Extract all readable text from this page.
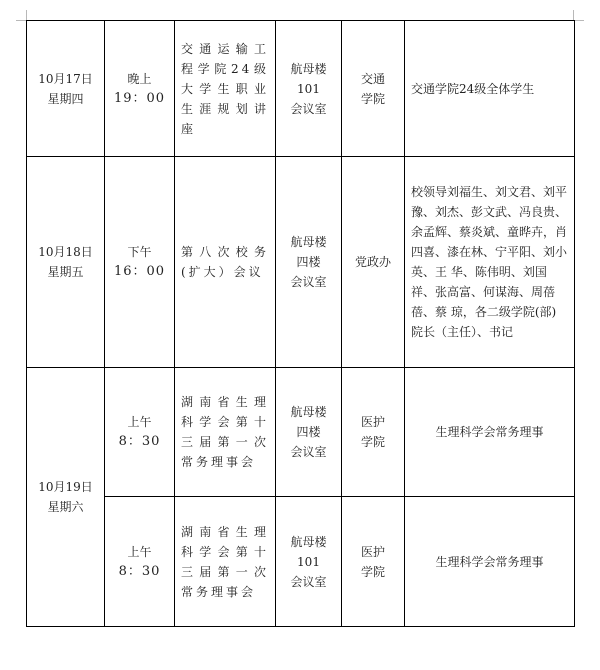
10月17日
星期四	晚上
19：00	交通运输工程学院24级大学生职业生涯规划讲座	航母楼
101
会议室	交通
学院	交通学院24级全体学生

10月18日
星期五	下午
16：00	第八次校务(扩大）会议	航母楼
四楼
会议室	党政办	校领导刘福生、刘文君、刘平豫、刘杰、彭文武、冯良贵、余孟辉、蔡炎斌、童晔卉，肖四喜、漆在林、宁平阳、刘小英、王 华、陈伟明、刘国祥、张高富、何谋海、周蓓蓓、蔡 琼，各二级学院(部)院长（主任）、书记

10月19日
星期六	上午
8：30	湖南省生理科学会第十三届第一次常务理事会	航母楼
四楼
会议室	医护
学院	生理科学会常务理事

	上午
8：30	湖南省生理科学会第十三届第一次常务理事会	航母楼
101
会议室	医护
学院	生理科学会常务理事
